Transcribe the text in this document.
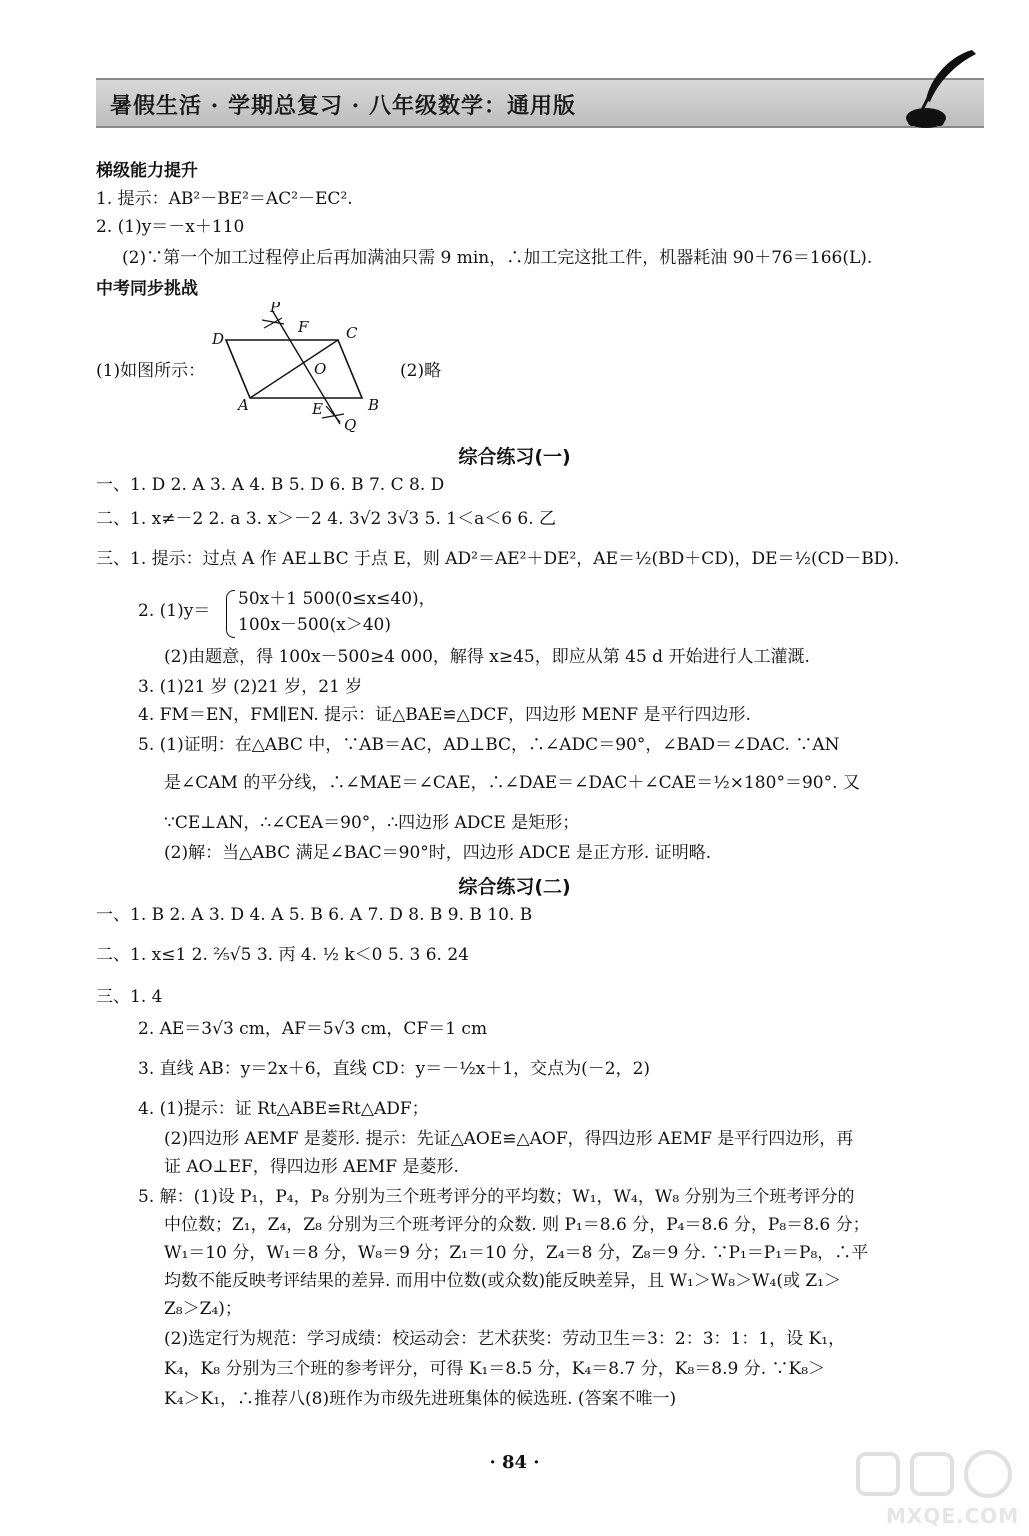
暑假生活 · 学期总复习 · 八年级数学：通用版
梯级能力提升
1. 提示：AB²－BE²＝AC²－EC².
2. (1)y＝－x＋110
(2)∵第一个加工过程停止后再加满油只需 9 min，∴加工完这批工件，机器耗油 90＋76＝166(L).
中考同步挑战
(1)如图所示：	(2)略
P
F	C
D
O
A	E	B
Q
综合练习(一)
一、1. D 2. A 3. A 4. B 5. D 6. B 7. C 8. D
二、1. x≠－2 2. a 3. x＞－2 4. 3√2 3√3 5. 1＜a＜6 6. 乙
三、1. 提示：过点 A 作 AE⊥BC 于点 E，则 AD²＝AE²＋DE²，AE＝½(BD＋CD)，DE＝½(CD－BD).
2. (1)y＝
50x＋1 500(0≤x≤40)，
100x－500(x＞40)
(2)由题意，得 100x－500≥4 000，解得 x≥45，即应从第 45 d 开始进行人工灌溉.
3. (1)21 岁 (2)21 岁，21 岁
4. FM＝EN，FM∥EN. 提示：证△BAE≌△DCF，四边形 MENF 是平行四边形.
5. (1)证明：在△ABC 中，∵AB＝AC，AD⊥BC，∴∠ADC＝90°，∠BAD＝∠DAC. ∵AN
是∠CAM 的平分线，∴∠MAE＝∠CAE，∴∠DAE＝∠DAC＋∠CAE＝½×180°＝90°. 又
∵CE⊥AN，∴∠CEA＝90°，∴四边形 ADCE 是矩形；
(2)解：当△ABC 满足∠BAC＝90°时，四边形 ADCE 是正方形. 证明略.
综合练习(二)
一、1. B 2. A 3. D 4. A 5. B 6. A 7. D 8. B 9. B 10. B
二、1. x≤1 2. ⅖√5 3. 丙 4. ½ k＜0 5. 3 6. 24
三、1. 4
2. AE＝3√3 cm，AF＝5√3 cm，CF＝1 cm
3. 直线 AB：y＝2x＋6，直线 CD：y＝－½x＋1，交点为(－2，2)
4. (1)提示：证 Rt△ABE≌Rt△ADF；
(2)四边形 AEMF 是菱形. 提示：先证△AOE≌△AOF，得四边形 AEMF 是平行四边形，再
证 AO⊥EF，得四边形 AEMF 是菱形.
5. 解：(1)设 P₁，P₄，P₈ 分别为三个班考评分的平均数；W₁，W₄，W₈ 分别为三个班考评分的
中位数；Z₁，Z₄，Z₈ 分别为三个班考评分的众数. 则 P₁＝8.6 分，P₄＝8.6 分，P₈＝8.6 分；
W₁＝10 分，W₁＝8 分，W₈＝9 分；Z₁＝10 分，Z₄＝8 分，Z₈＝9 分. ∵P₁＝P₁＝P₈，∴平
均数不能反映考评结果的差异. 而用中位数(或众数)能反映差异，且 W₁＞W₈＞W₄(或 Z₁＞
Z₈＞Z₄)；
(2)选定行为规范：学习成绩：校运动会：艺术获奖：劳动卫生＝3：2：3：1：1，设 K₁，
K₄，K₈ 分别为三个班的参考评分，可得 K₁＝8.5 分，K₄＝8.7 分，K₈＝8.9 分. ∵K₈＞
K₄＞K₁，∴推荐八(8)班作为市级先进班集体的候选班. (答案不唯一)
· 84 ·
MXQE.COM
